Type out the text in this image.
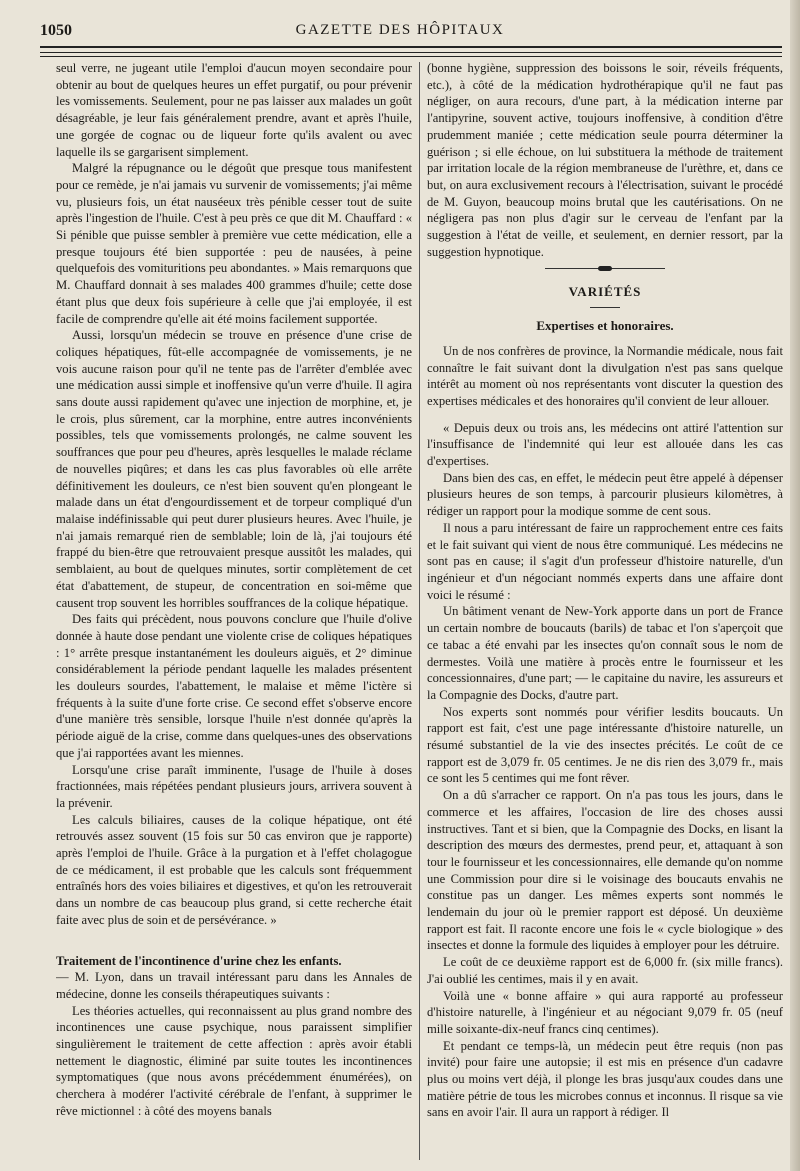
1050	GAZETTE DES HÔPITAUX

seul verre, ne jugeant utile l'emploi d'aucun moyen secondaire pour obtenir au bout de quelques heures un effet purgatif, ou pour prévenir les vomissements. Seulement, pour ne pas laisser aux malades un goût désagréable, je leur fais généralement prendre, avant et après l'huile, une gorgée de cognac ou de liqueur forte qu'ils avalent ou avec laquelle ils se gargarisent simplement.

Malgré la répugnance ou le dégoût que presque tous manifestent pour ce remède, je n'ai jamais vu survenir de vomissements; j'ai même vu, plusieurs fois, un état nauséeux très pénible cesser tout de suite après l'ingestion de l'huile. C'est à peu près ce que dit M. Chauffard : « Si pénible que puisse sembler à première vue cette médication, elle a presque toujours été bien supportée : peu de nausées, à peine quelquefois des vomituritions peu abondantes. » Mais remarquons que M. Chauffard donnait à ses malades 400 grammes d'huile; cette dose étant plus que deux fois supérieure à celle que j'ai employée, il est facile de comprendre qu'elle ait été moins facilement supportée.

Aussi, lorsqu'un médecin se trouve en présence d'une crise de coliques hépatiques, fût-elle accompagnée de vomissements, je ne vois aucune raison pour qu'il ne tente pas de l'arrêter d'emblée avec une médication aussi simple et inoffensive qu'un verre d'huile. Il agira sans doute aussi rapidement qu'avec une injection de morphine, et, je le crois, plus sûrement, car la morphine, entre autres inconvénients possibles, tels que vomissements prolongés, ne calme souvent les souffrances que pour peu d'heures, après lesquelles le malade réclame de nouvelles piqûres; et dans les cas plus favorables où elle arrête définitivement les douleurs, ce n'est bien souvent qu'en plongeant le malade dans un état d'engourdissement et de torpeur compliqué d'un malaise indéfinissable qui peut durer plusieurs heures. Avec l'huile, je n'ai jamais remarqué rien de semblable; loin de là, j'ai toujours été frappé du bien-être que retrouvaient presque aussitôt les malades, qui semblaient, au bout de quelques minutes, sortir complètement de cet état d'abattement, de stupeur, de concentration en soi-même que causent trop souvent les horribles souffrances de la colique hépatique.

Des faits qui précèdent, nous pouvons conclure que l'huile d'olive donnée à haute dose pendant une violente crise de coliques hépatiques : 1° arrête presque instantanément les douleurs aiguës, et 2° diminue considérablement la période pendant laquelle les malades présentent les douleurs sourdes, l'abattement, le malaise et même l'ictère si fréquents à la suite d'une forte crise. Ce second effet s'observe encore d'une manière très sensible, lorsque l'huile n'est donnée qu'après la période aiguë de la crise, comme dans quelques-unes des observations que j'ai rapportées avant les miennes.

Lorsqu'une crise paraît imminente, l'usage de l'huile à doses fractionnées, mais répétées pendant plusieurs jours, arrivera souvent à la prévenir.

Les calculs biliaires, causes de la colique hépatique, ont été retrouvés assez souvent (15 fois sur 50 cas environ que je rapporte) après l'emploi de l'huile. Grâce à la purgation et à l'effet cholagogue de ce médicament, il est probable que les calculs sont fréquemment entraînés hors des voies biliaires et digestives, et qu'on les retrouverait dans un nombre de cas beaucoup plus grand, si cette recherche était faite avec plus de soin et de persévérance. »

Traitement de l'incontinence d'urine chez les enfants.

— M. Lyon, dans un travail intéressant paru dans les Annales de médecine, donne les conseils thérapeutiques suivants :

Les théories actuelles, qui reconnaissent au plus grand nombre des incontinences une cause psychique, nous paraissent simplifier singulièrement le traitement de cette affection : après avoir établi nettement le diagnostic, éliminé par suite toutes les incontinences symptomatiques (que nous avons précédemment énumérées), on cherchera à modérer l'activité cérébrale de l'enfant, à supprimer le rêve mictionnel : à côté des moyens banals

(bonne hygiène, suppression des boissons le soir, réveils fréquents, etc.), à côté de la médication hydrothérapique qu'il ne faut pas négliger, on aura recours, d'une part, à la médication interne par l'antipyrine, souvent active, toujours inoffensive, à condition d'être prudemment maniée ; cette médication seule pourra déterminer la guérison ; si elle échoue, on lui substituera la méthode de traitement par irritation locale de la région membraneuse de l'urèthre, et, dans ce but, on aura exclusivement recours à l'électrisation, suivant le procédé de M. Guyon, beaucoup moins brutal que les cautérisations. On ne négligera pas non plus d'agir sur le cerveau de l'enfant par la suggestion à l'état de veille, et seulement, en dernier ressort, par la suggestion hypnotique.

VARIÉTÉS
Expertises et honoraires.

Un de nos confrères de province, la Normandie médicale, nous fait connaître le fait suivant dont la divulgation n'est pas sans quelque intérêt au moment où nos représentants vont discuter la question des expertises médicales et des honoraires qu'il convient de leur allouer.

« Depuis deux ou trois ans, les médecins ont attiré l'attention sur l'insuffisance de l'indemnité qui leur est allouée dans les cas d'expertises.

Dans bien des cas, en effet, le médecin peut être appelé à dépenser plusieurs heures de son temps, à parcourir plusieurs kilomètres, à rédiger un rapport pour la modique somme de cent sous.

Il nous a paru intéressant de faire un rapprochement entre ces faits et le fait suivant qui vient de nous être communiqué. Les médecins ne sont pas en cause; il s'agit d'un professeur d'histoire naturelle, d'un ingénieur et d'un négociant nommés experts dans une affaire dont voici le résumé :

Un bâtiment venant de New-York apporte dans un port de France un certain nombre de boucauts (barils) de tabac et l'on s'aperçoit que ce tabac a été envahi par les insectes qu'on connaît sous le nom de dermestes. Voilà une matière à procès entre le fournisseur et les concessionnaires, d'une part; — le capitaine du navire, les assureurs et la Compagnie des Docks, d'autre part.

Nos experts sont nommés pour vérifier lesdits boucauts. Un rapport est fait, c'est une page intéressante d'histoire naturelle, un résumé substantiel de la vie des insectes précités. Le coût de ce rapport est de 3,079 fr. 05 centimes. Je ne dis rien des 3,079 fr., mais ce sont les 5 centimes qui me font rêver.

On a dû s'arracher ce rapport. On n'a pas tous les jours, dans le commerce et les affaires, l'occasion de lire des choses aussi instructives. Tant et si bien, que la Compagnie des Docks, en lisant la description des mœurs des dermestes, prend peur, et, attaquant à son tour le fournisseur et les concessionnaires, elle demande qu'on nomme une Commission pour dire si le voisinage des boucauts envahis ne constitue pas un danger. Les mêmes experts sont nommés le lendemain du jour où le premier rapport est déposé. Un deuxième rapport est fait. Il raconte encore une fois le « cycle biologique » des insectes et donne la formule des liquides à employer pour les détruire.

Le coût de ce deuxième rapport est de 6,000 fr. (six mille francs). J'ai oublié les centimes, mais il y en avait.

Voilà une « bonne affaire » qui aura rapporté au professeur d'histoire naturelle, à l'ingénieur et au négociant 9,079 fr. 05 (neuf mille soixante-dix-neuf francs cinq centimes).

Et pendant ce temps-là, un médecin peut être requis (non pas invité) pour faire une autopsie; il est mis en présence d'un cadavre plus ou moins vert déjà, il plonge les bras jusqu'aux coudes dans une matière pétrie de tous les microbes connus et inconnus. Il risque sa vie sans en avoir l'air. Il aura un rapport à rédiger. Il
